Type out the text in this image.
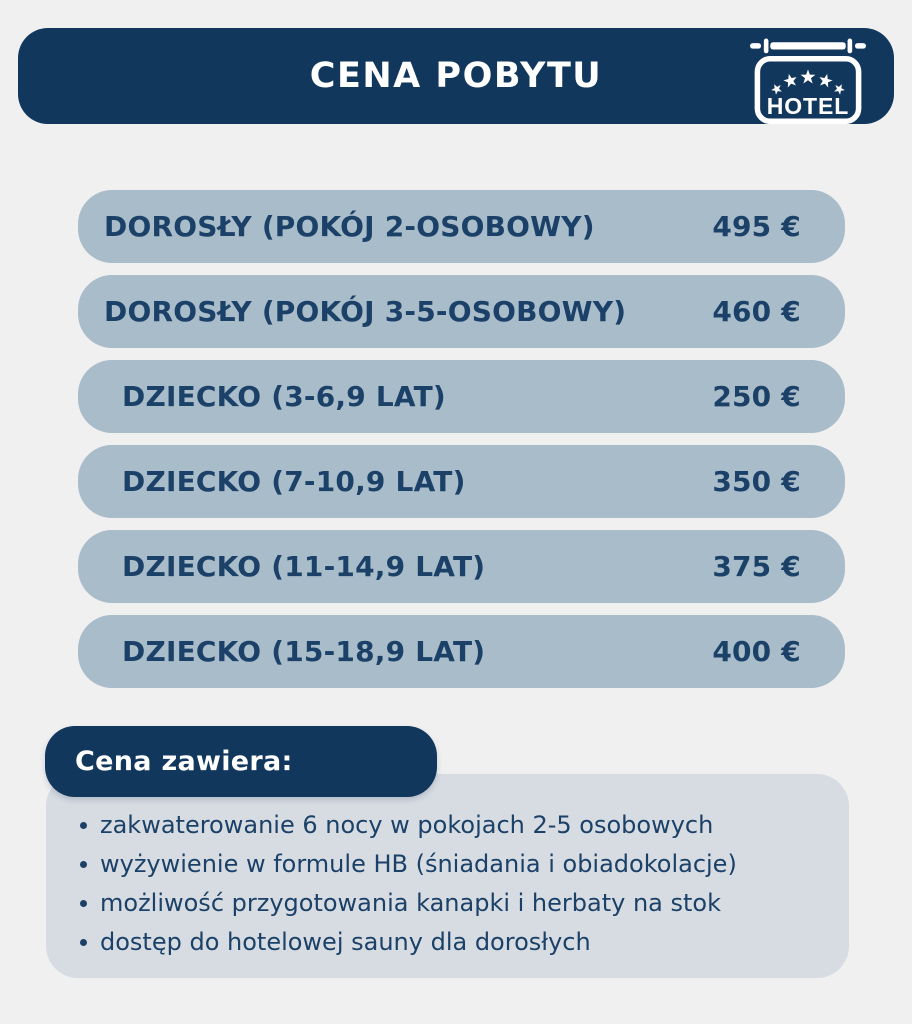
CENA POBYTU
HOTEL
DOROSŁY (POKÓJ 2-OSOBOWY)	495 €
DOROSŁY (POKÓJ 3-5-OSOBOWY)	460 €
DZIECKO (3-6,9 LAT)	250 €
DZIECKO (7-10,9 LAT)	350 €
DZIECKO (11-14,9 LAT)	375 €
DZIECKO (15-18,9 LAT)	400 €
Cena zawiera:
zakwaterowanie 6 nocy w pokojach 2-5 osobowych
wyżywienie w formule HB (śniadania i obiadokolacje)
możliwość przygotowania kanapki i herbaty na stok
dostęp do hotelowej sauny dla dorosłych
